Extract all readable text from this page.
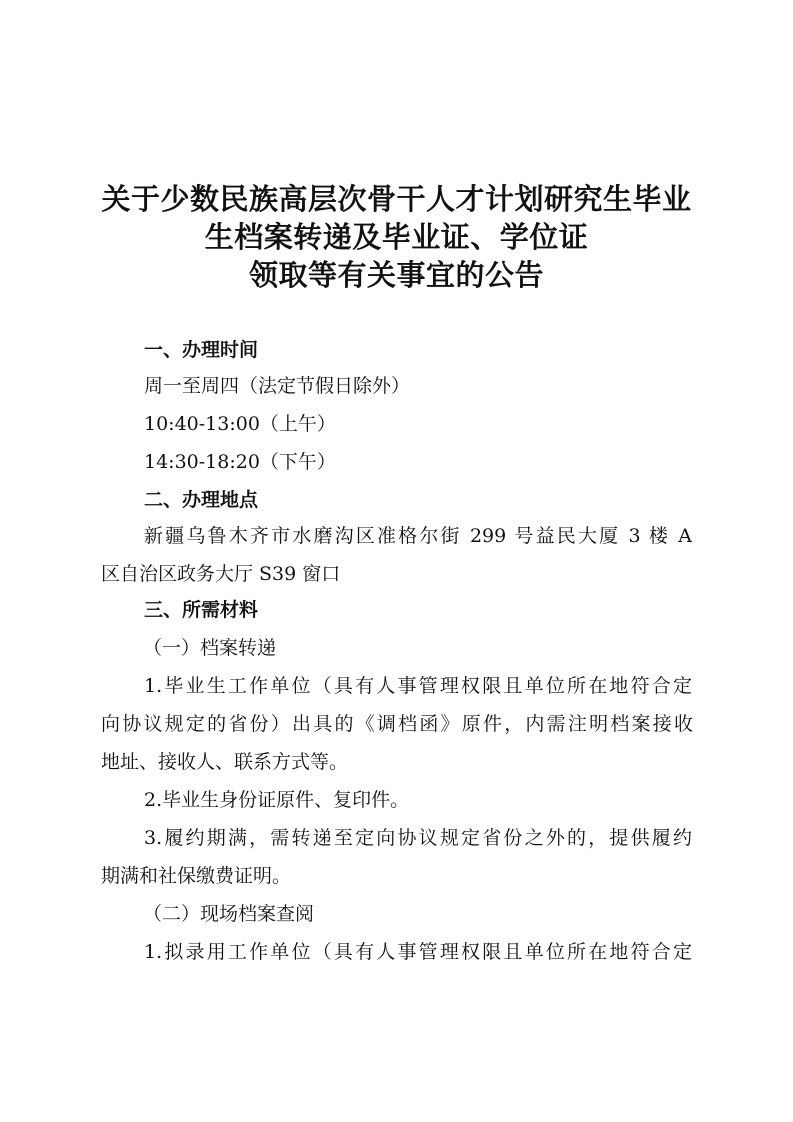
关于少数民族高层次骨干人才计划研究生毕业
生档案转递及毕业证、学位证
领取等有关事宜的公告
一、办理时间
周一至周四（法定节假日除外）
10:40-13:00（上午）
14:30-18:20（下午）
二、办理地点
新疆乌鲁木齐市水磨沟区准格尔街 299 号益民大厦 3 楼 A
区自治区政务大厅 S39 窗口
三、所需材料
（一）档案转递
1.毕业生工作单位（具有人事管理权限且单位所在地符合定
向协议规定的省份）出具的《调档函》原件，内需注明档案接收
地址、接收人、联系方式等。
2.毕业生身份证原件、复印件。
3.履约期满，需转递至定向协议规定省份之外的，提供履约
期满和社保缴费证明。
（二）现场档案查阅
1.拟录用工作单位（具有人事管理权限且单位所在地符合定
